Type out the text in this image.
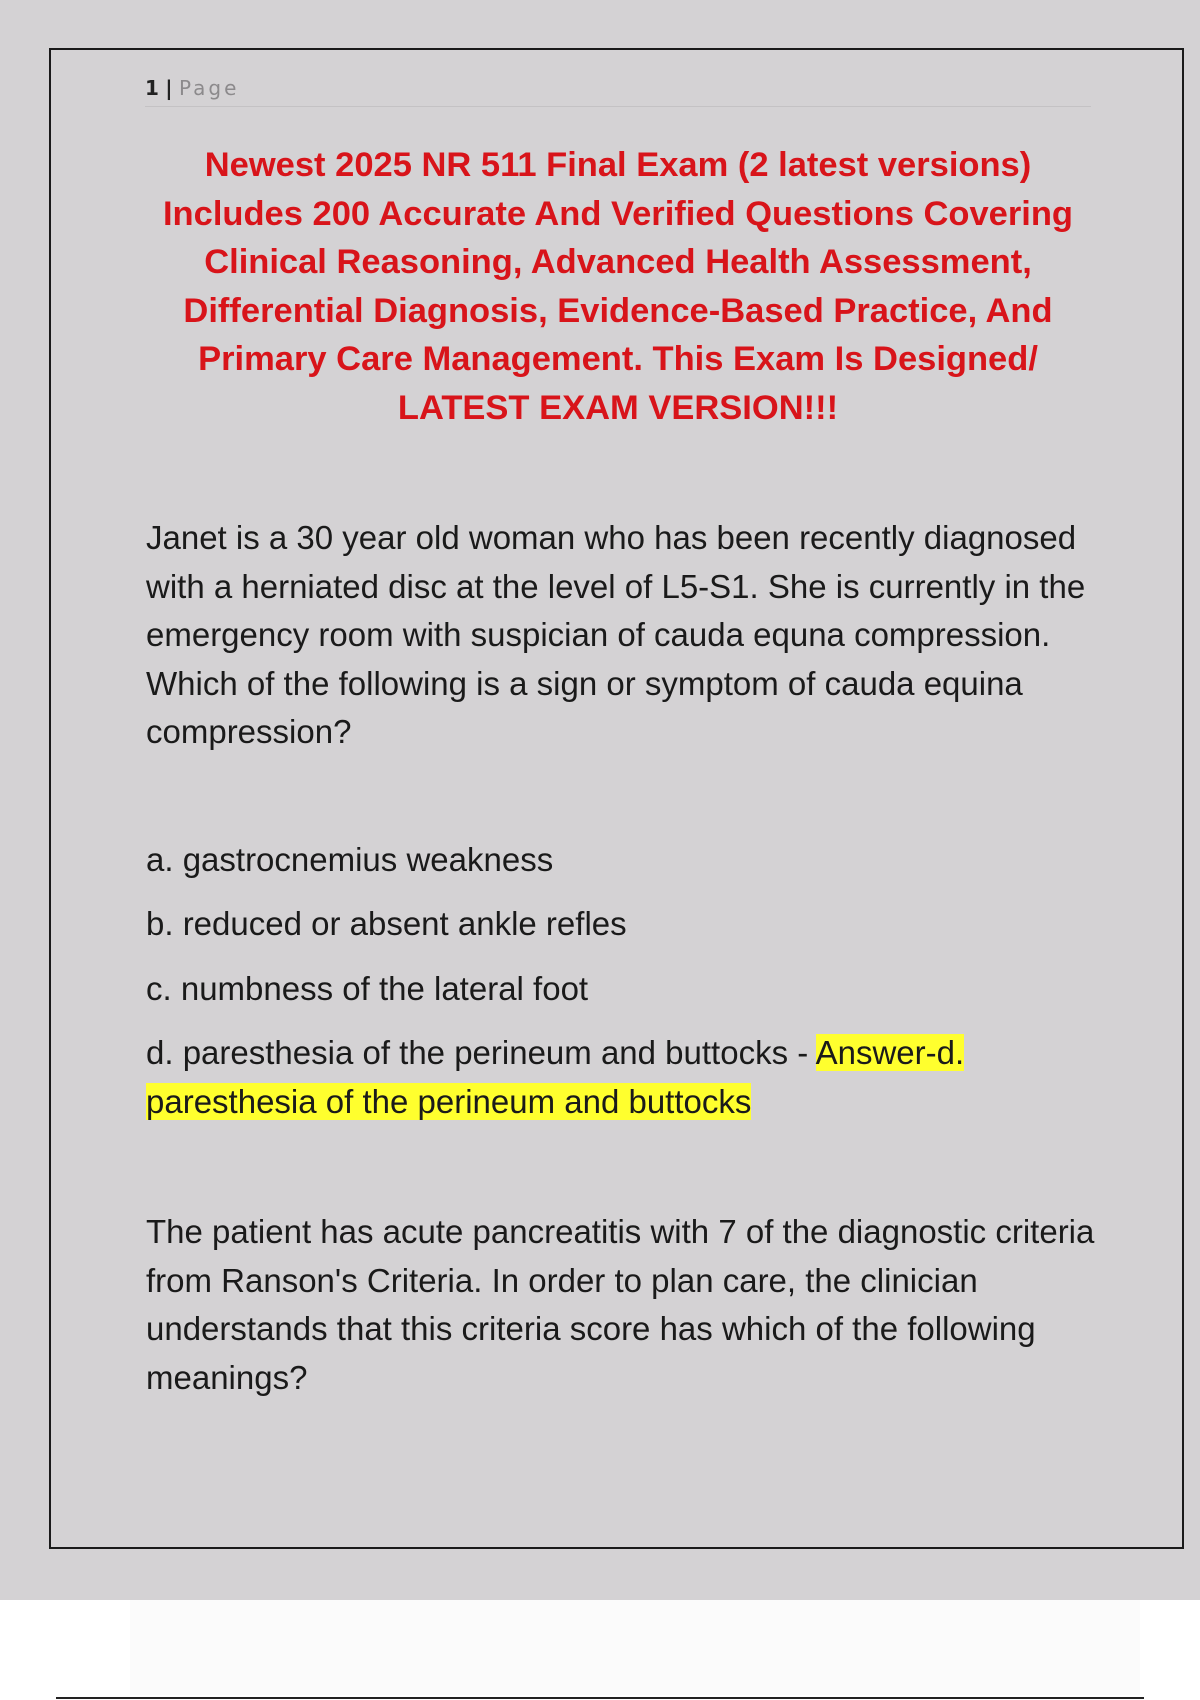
1 | Page

Newest 2025 NR 511 Final Exam (2 latest versions) Includes 200 Accurate And Verified Questions Covering Clinical Reasoning, Advanced Health Assessment, Differential Diagnosis, Evidence-Based Practice, And Primary Care Management. This Exam Is Designed/ LATEST EXAM VERSION!!!

Janet is a 30 year old woman who has been recently diagnosed with a herniated disc at the level of L5-S1. She is currently in the emergency room with suspician of cauda equna compression. Which of the following is a sign or symptom of cauda equina compression?

a. gastrocnemius weakness

b. reduced or absent ankle refles

c. numbness of the lateral foot

d. paresthesia of the perineum and buttocks - Answer-d. paresthesia of the perineum and buttocks

The patient has acute pancreatitis with 7 of the diagnostic criteria from Ranson's Criteria. In order to plan care, the clinician understands that this criteria score has which of the following meanings?
